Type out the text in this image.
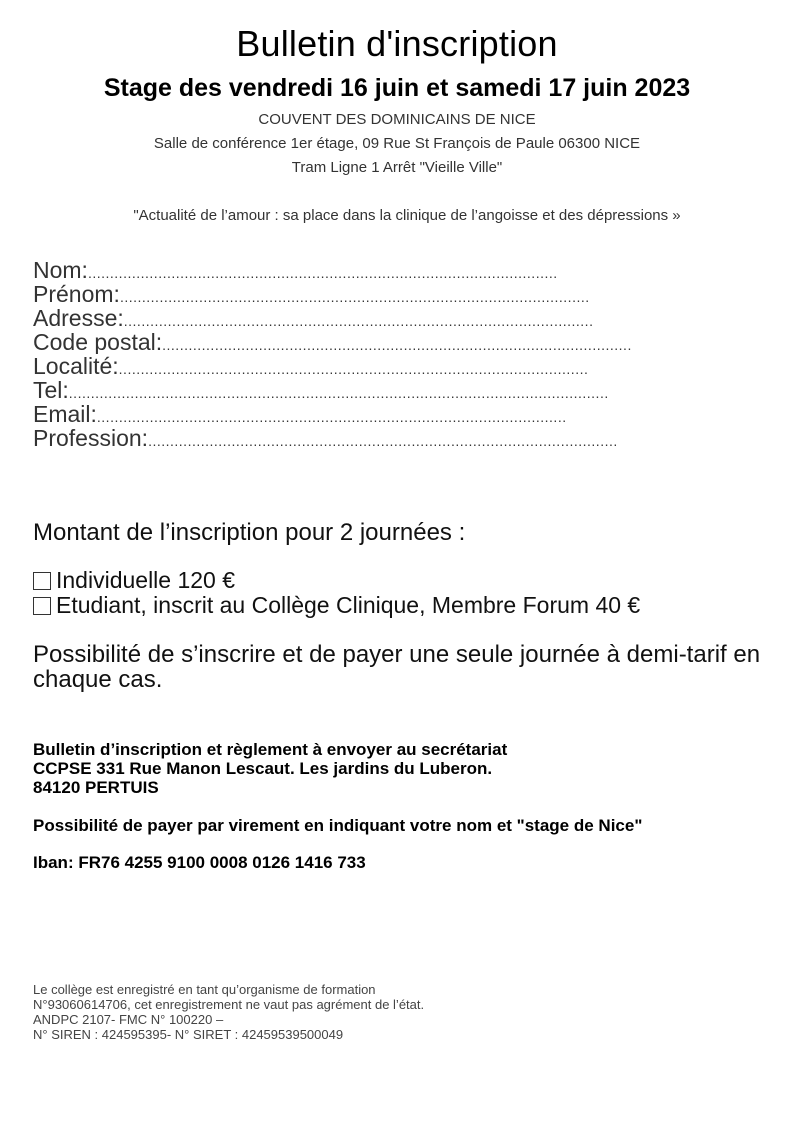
Bulletin d'inscription
Stage des vendredi 16 juin et samedi 17 juin 2023
COUVENT DES DOMINICAINS DE NICE
Salle de conférence 1er étage, 09 Rue St François de Paule 06300 NICE
Tram Ligne 1 Arrêt "Vieille Ville"
"Actualité de l’amour : sa place dans la clinique de l’angoisse et des dépressions »
Nom: ...........................................................................................................
Prénom: ...........................................................................................................
Adresse: ...........................................................................................................
Code postal: ...........................................................................................................
Localité: ...........................................................................................................
Tel: ...........................................................................................................................
Email: ...........................................................................................................
Profession: ...........................................................................................................
Montant de l’inscription pour 2 journées :
Individuelle 120 €
Etudiant, inscrit au Collège Clinique, Membre Forum 40 €
Possibilité de s’inscrire et de payer une seule journée à demi-tarif en chaque cas.
Bulletin d’inscription et règlement à envoyer au secrétariat
CCPSE 331 Rue Manon Lescaut. Les jardins du Luberon.
84120 PERTUIS
Possibilité de payer par virement en indiquant votre nom et "stage de Nice"
Iban: FR76 4255 9100 0008 0126 1416 733
Le collège est enregistré en tant qu’organisme de formation
N°93060614706, cet enregistrement ne vaut pas agrément de l’état.
ANDPC 2107- FMC N° 100220 –
N° SIREN : 424595395- N° SIRET : 42459539500049
